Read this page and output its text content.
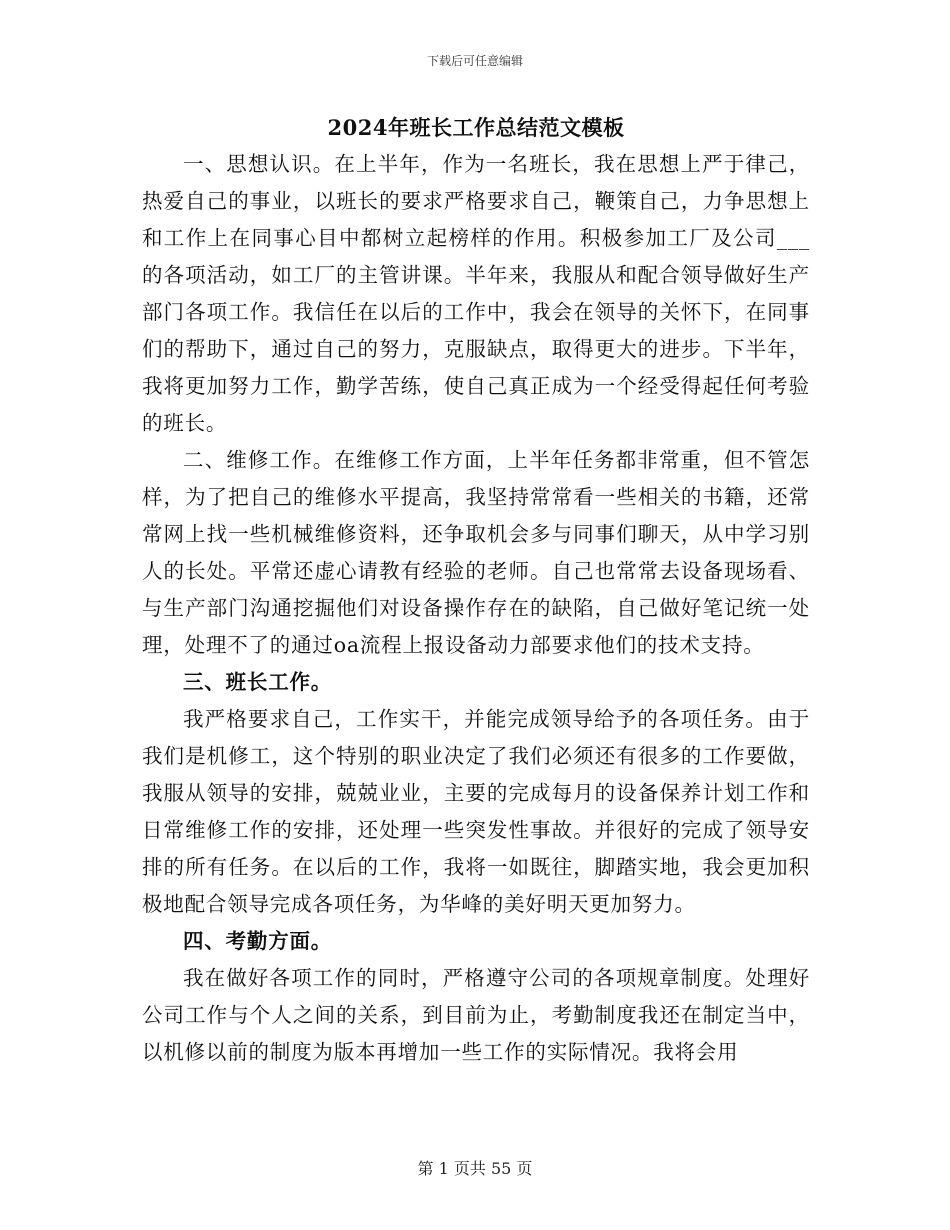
下载后可任意编辑
2024年班长工作总结范文模板

一、思想认识。在上半年，作为一名班长，我在思想上严于律己，热爱自己的事业，以班长的要求严格要求自己，鞭策自己，力争思想上和工作上在同事心目中都树立起榜样的作用。积极参加工厂及公司___的各项活动，如工厂的主管讲课。半年来，我服从和配合领导做好生产部门各项工作。我信任在以后的工作中，我会在领导的关怀下，在同事们的帮助下，通过自己的努力，克服缺点，取得更大的进步。下半年，我将更加努力工作，勤学苦练，使自己真正成为一个经受得起任何考验的班长。

二、维修工作。在维修工作方面，上半年任务都非常重，但不管怎样，为了把自己的维修水平提高，我坚持常常看一些相关的书籍，还常常网上找一些机械维修资料，还争取机会多与同事们聊天，从中学习别人的长处。平常还虚心请教有经验的老师。自己也常常去设备现场看、与生产部门沟通挖掘他们对设备操作存在的缺陷，自己做好笔记统一处理，处理不了的通过oa流程上报设备动力部要求他们的技术支持。

三、班长工作。

我严格要求自己，工作实干，并能完成领导给予的各项任务。由于我们是机修工，这个特别的职业决定了我们必须还有很多的工作要做，我服从领导的安排，兢兢业业，主要的完成每月的设备保养计划工作和日常维修工作的安排，还处理一些突发性事故。并很好的完成了领导安排的所有任务。在以后的工作，我将一如既往，脚踏实地，我会更加积极地配合领导完成各项任务，为华峰的美好明天更加努力。

四、考勤方面。

我在做好各项工作的同时，严格遵守公司的各项规章制度。处理好公司工作与个人之间的关系，到目前为止，考勤制度我还在制定当中，以机修以前的制度为版本再增加一些工作的实际情况。我将会用

第 1 页共 55 页
